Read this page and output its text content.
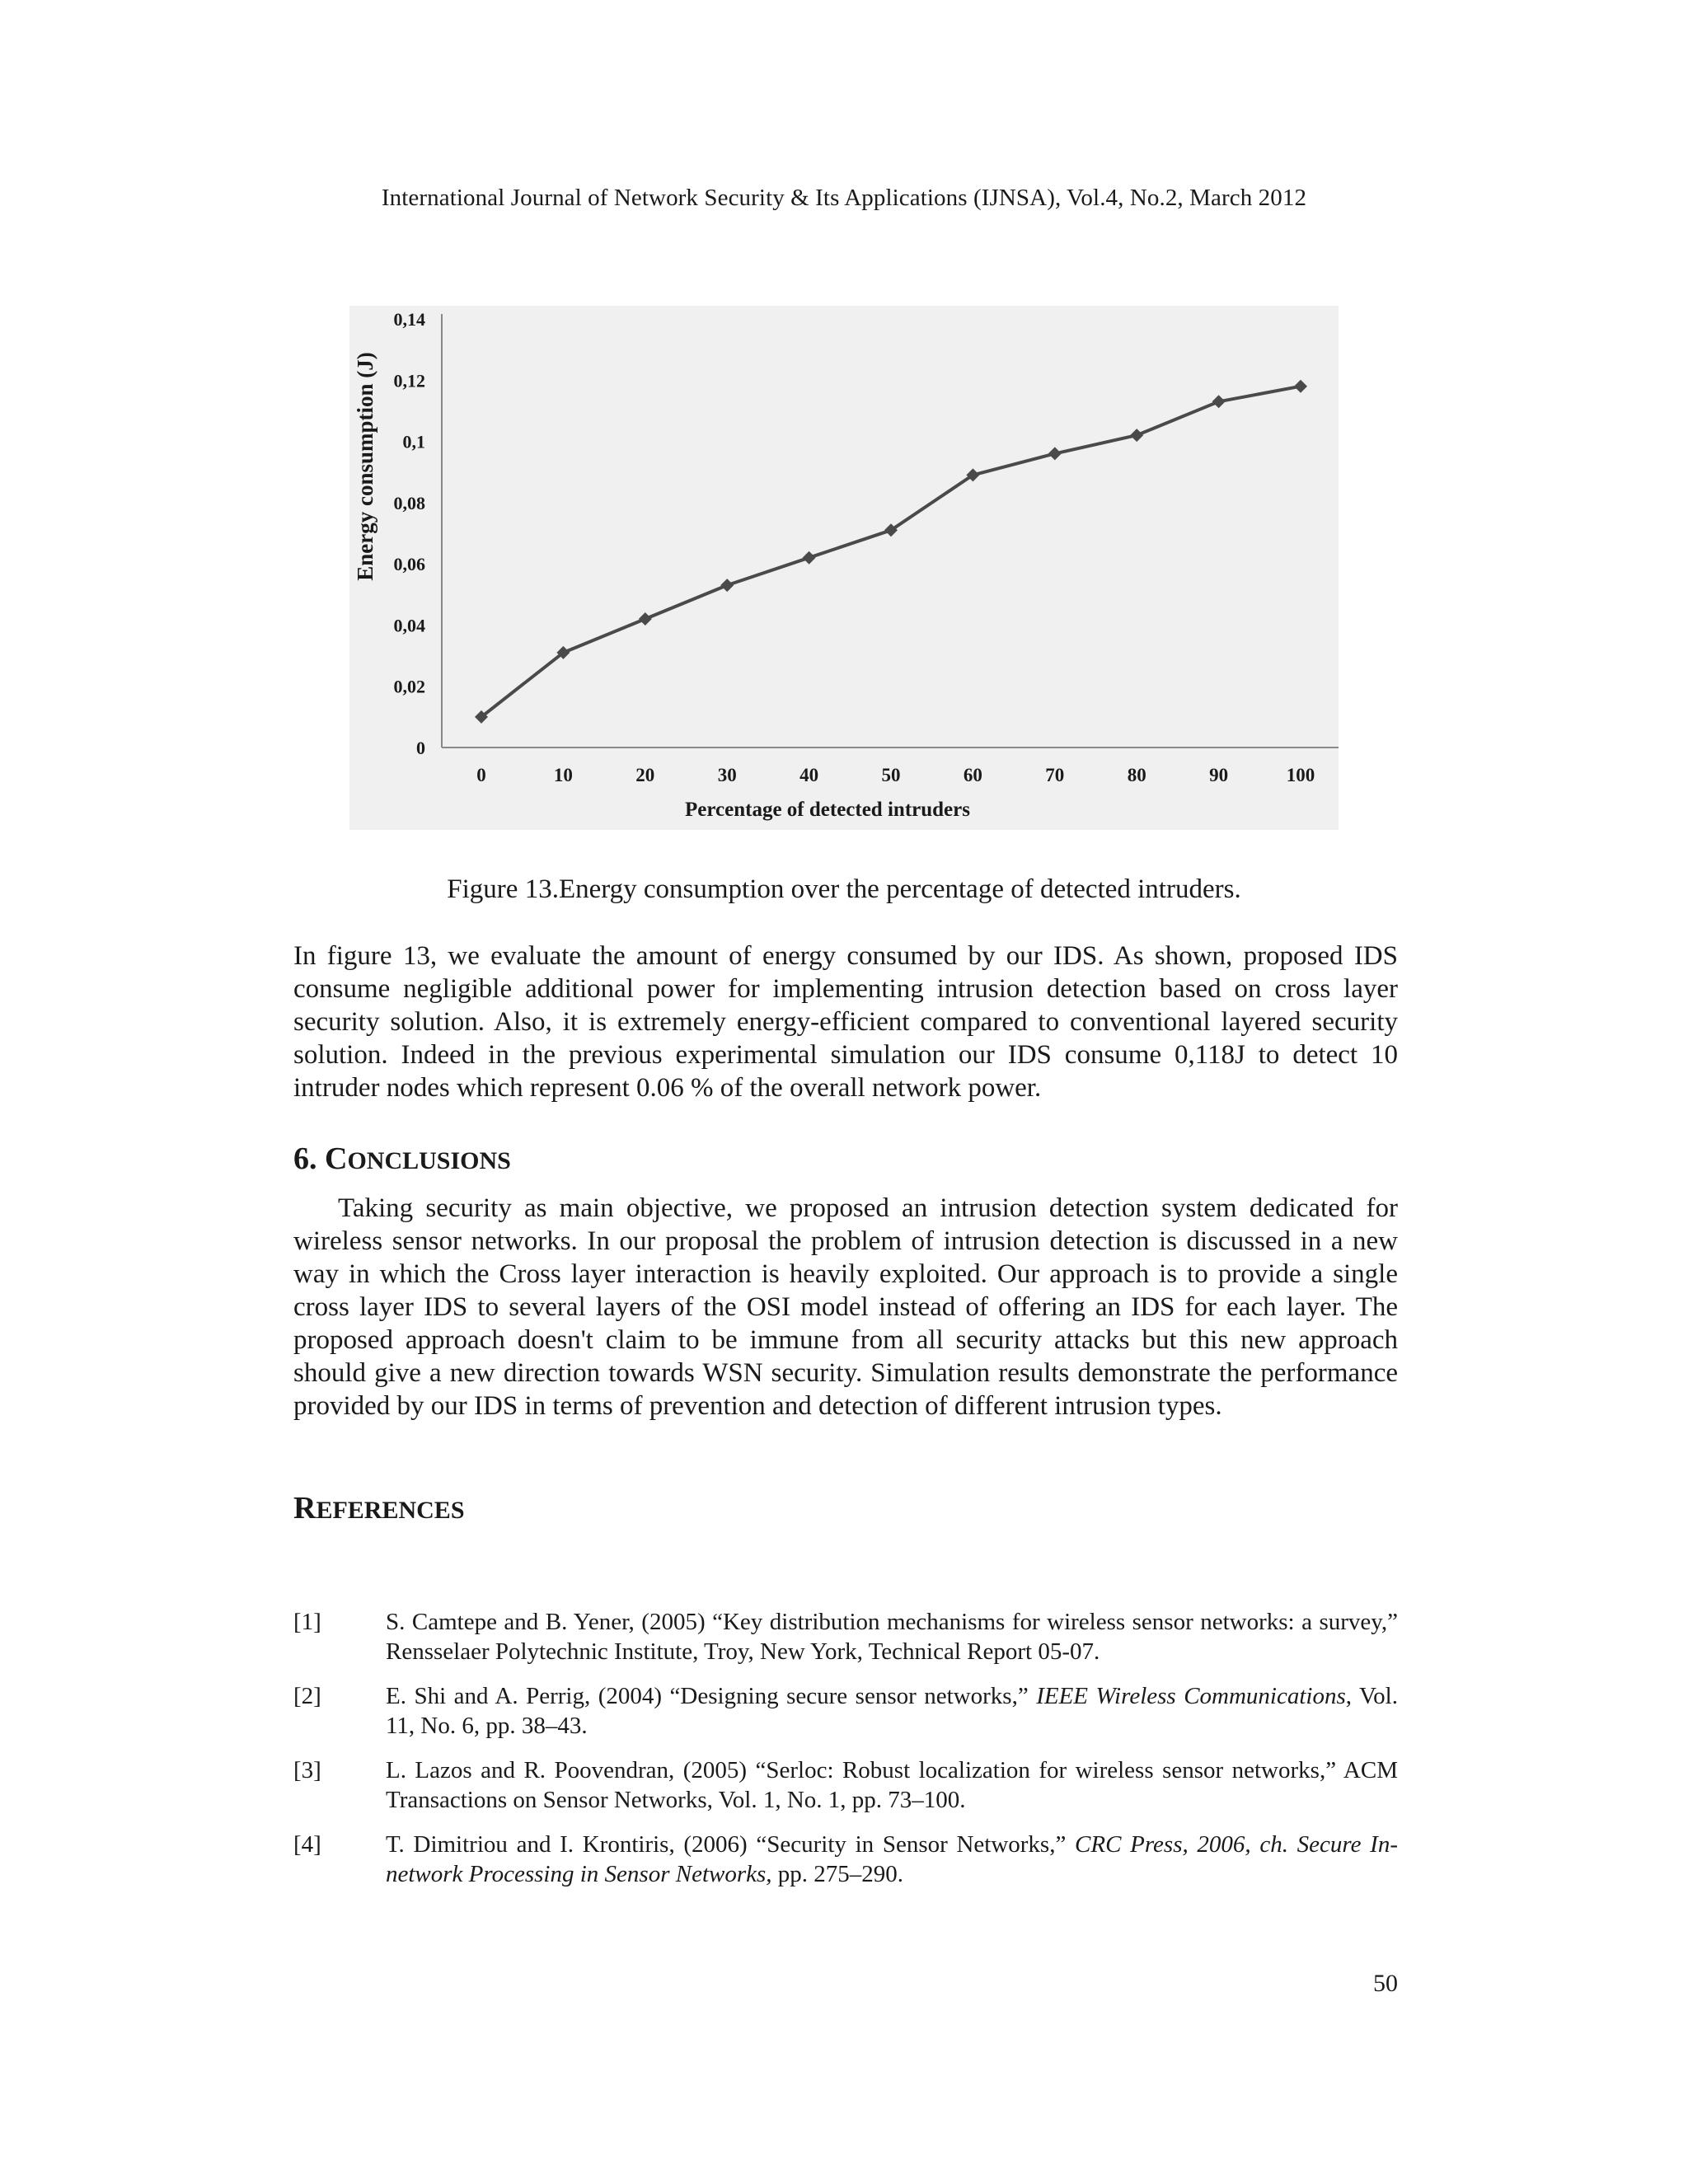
International Journal of Network Security & Its Applications (IJNSA), Vol.4, No.2, March 2012
0
0,02
0,04
0,06
0,08
0,1
0,12
0,14
0	10	20	30	40	50	60	70	80	90	100
Percentage of detected intruders
Energy consumption (J)
Figure 13.Energy consumption over the percentage of detected intruders.

In figure 13, we evaluate the amount of energy consumed by our IDS. As shown, proposed IDS consume negligible additional power for implementing intrusion detection based on cross layer security solution. Also, it is extremely energy-efficient compared to conventional layered security solution. Indeed in the previous experimental simulation our IDS consume 0,118J to detect 10 intruder nodes which represent 0.06 % of the overall network power.

6. CONCLUSIONS

Taking security as main objective, we proposed an intrusion detection system dedicated for wireless sensor networks. In our proposal the problem of intrusion detection is discussed in a new way in which the Cross layer interaction is heavily exploited. Our approach is to provide a single cross layer IDS to several layers of the OSI model instead of offering an IDS for each layer. The proposed approach doesn't claim to be immune from all security attacks but this new approach should give a new direction towards WSN security. Simulation results demonstrate the performance provided by our IDS in terms of prevention and detection of different intrusion types.

REFERENCES
[1]	S. Camtepe and B. Yener, (2005) “Key distribution mechanisms for wireless sensor networks: a survey,” Rensselaer Polytechnic Institute, Troy, New York, Technical Report 05-07.
[2]	E. Shi and A. Perrig, (2004) “Designing secure sensor networks,” IEEE Wireless Communications, Vol. 11, No. 6, pp. 38–43.
[3]	L. Lazos and R. Poovendran, (2005) “Serloc: Robust localization for wireless sensor networks,” ACM Transactions on Sensor Networks, Vol. 1, No. 1, pp. 73–100.
[4]	T. Dimitriou and I. Krontiris, (2006) “Security in Sensor Networks,” CRC Press, 2006, ch. Secure In-network Processing in Sensor Networks, pp. 275–290.
50
